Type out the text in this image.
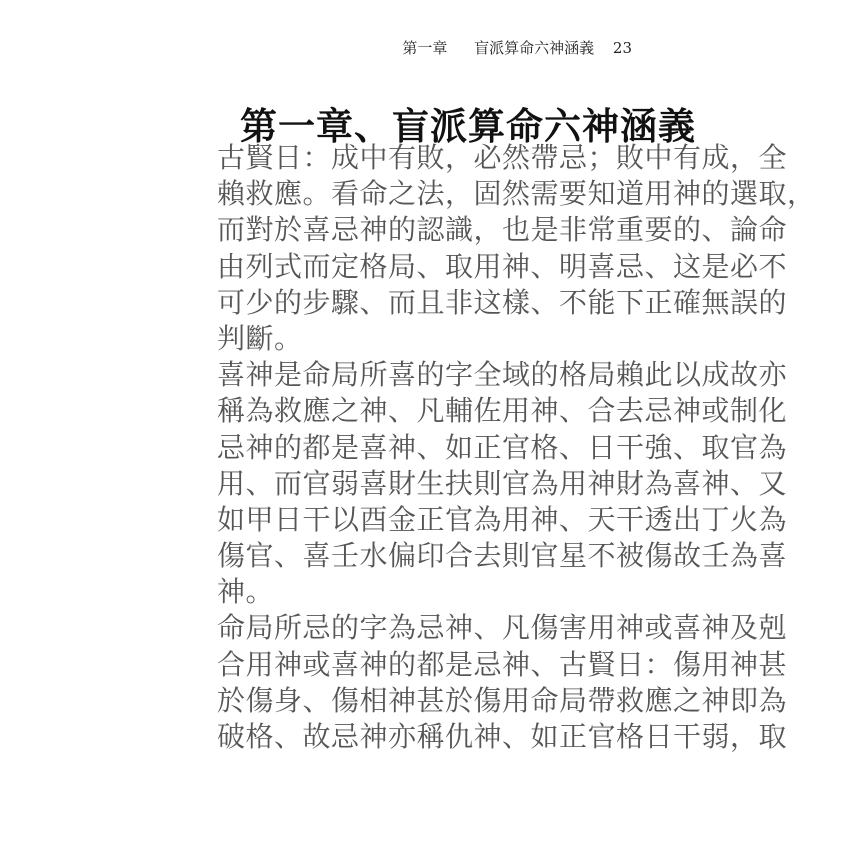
第一章 盲派算命六神涵義 23
第一章、盲派算命六神涵義
古賢日：成中有敗，必然帶忌；敗中有成，全
賴救應。看命之法，固然需要知道用神的選取，
而對於喜忌神的認識，也是非常重要的、論命
由列式而定格局、取用神、明喜忌、这是必不
可少的步驟、而且非这樣、不能下正確無誤的
判斷。
喜神是命局所喜的字全域的格局賴此以成故亦
稱為救應之神、凡輔佐用神、合去忌神或制化
忌神的都是喜神、如正官格、日干強、取官為
用、而官弱喜財生扶則官為用神財為喜神、又
如甲日干以酉金正官為用神、天干透出丁火為
傷官、喜壬水偏印合去則官星不被傷故壬為喜
神。
命局所忌的字為忌神、凡傷害用神或喜神及剋
合用神或喜神的都是忌神、古賢日：傷用神甚
於傷身、傷相神甚於傷用命局帶救應之神即為
破格、故忌神亦稱仇神、如正官格日干弱，取
